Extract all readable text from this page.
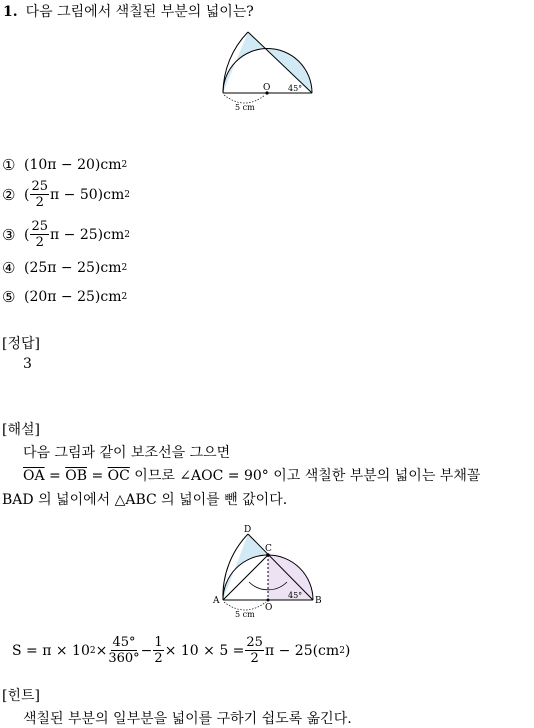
1. 다음 그림에서 색칠된 부분의 넓이는?
O 45°
5 cm
① (10π − 20)cm 2
② ( $\frac{25}{2}$ π − 50)cm 2
③ ( $\frac{25}{2}$ π − 25)cm 2
④ (25π − 25)cm 2
⑤ (20π − 25)cm 2
[정답]
3
[해설]
다음 그림과 같이 보조선을 그으면
$\overline{OA} = \overline{OB} = \overline{OC}$ 이므로 ∠AOC = 90° 이고 색칠한 부분의 넓이는 부채꼴
BAD 의 넓이에서 △ABC 의 넓이를 뺀 값이다.
D
C
A
O
B
45°
5 cm
S = π × 10 $2 \times \frac{45^\circ}{360^\circ} - \frac{1}{2} \times 10 \times 5 = \frac{25}{2}$ π − 25(cm 2 )
[힌트]
색칠된 부분의 일부분을 넓이를 구하기 쉽도록 옮긴다.
